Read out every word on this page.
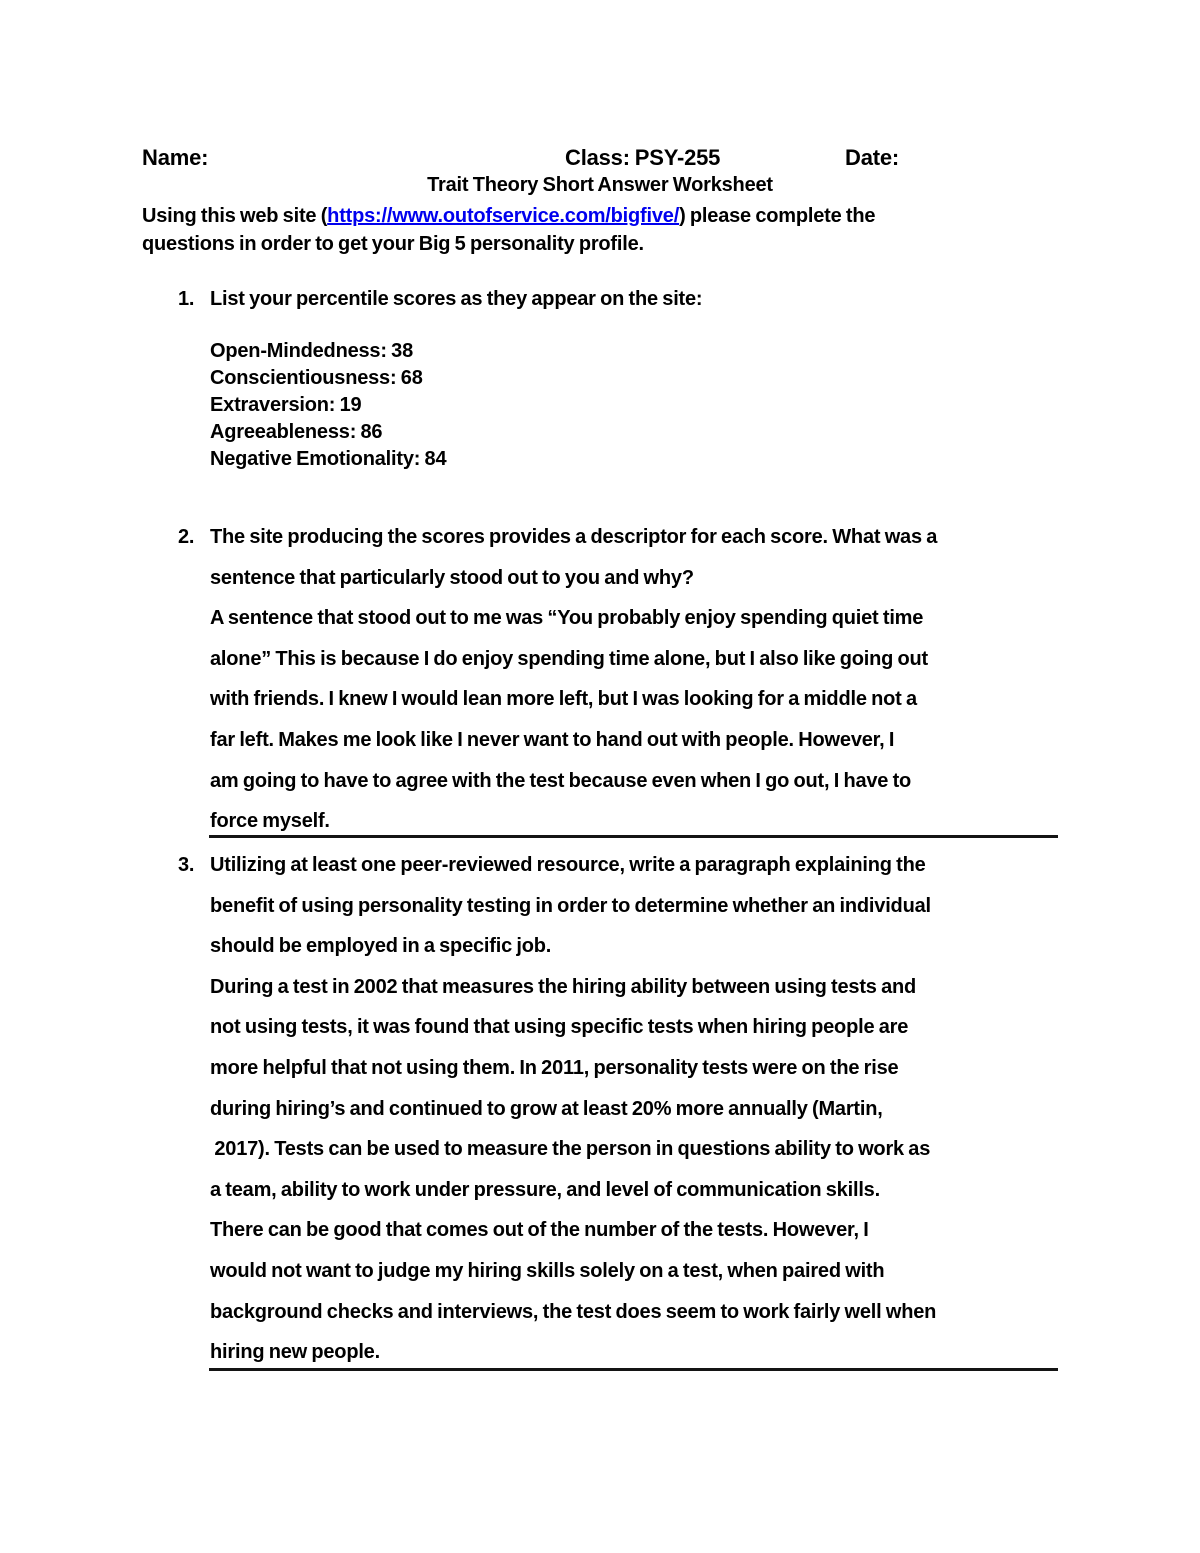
Name:	Class: PSY-255	Date:
Trait Theory Short Answer Worksheet
Using this web site (https://www.outofservice.com/bigfive/) please complete the
questions in order to get your Big 5 personality profile.
1. List your percentile scores as they appear on the site:
Open-Mindedness: 38
Conscientiousness: 68
Extraversion: 19
Agreeableness: 86
Negative Emotionality: 84
2. The site producing the scores provides a descriptor for each score. What was a
sentence that particularly stood out to you and why?
A sentence that stood out to me was “You probably enjoy spending quiet time
alone” This is because I do enjoy spending time alone, but I also like going out
with friends. I knew I would lean more left, but I was looking for a middle not a
far left. Makes me look like I never want to hand out with people. However, I
am going to have to agree with the test because even when I go out, I have to
force myself.
3. Utilizing at least one peer-reviewed resource, write a paragraph explaining the
benefit of using personality testing in order to determine whether an individual
should be employed in a specific job.
During a test in 2002 that measures the hiring ability between using tests and
not using tests, it was found that using specific tests when hiring people are
more helpful that not using them. In 2011, personality tests were on the rise
during hiring’s and continued to grow at least 20% more annually (Martin,
2017). Tests can be used to measure the person in questions ability to work as
a team, ability to work under pressure, and level of communication skills.
There can be good that comes out of the number of the tests. However, I
would not want to judge my hiring skills solely on a test, when paired with
background checks and interviews, the test does seem to work fairly well when
hiring new people.
